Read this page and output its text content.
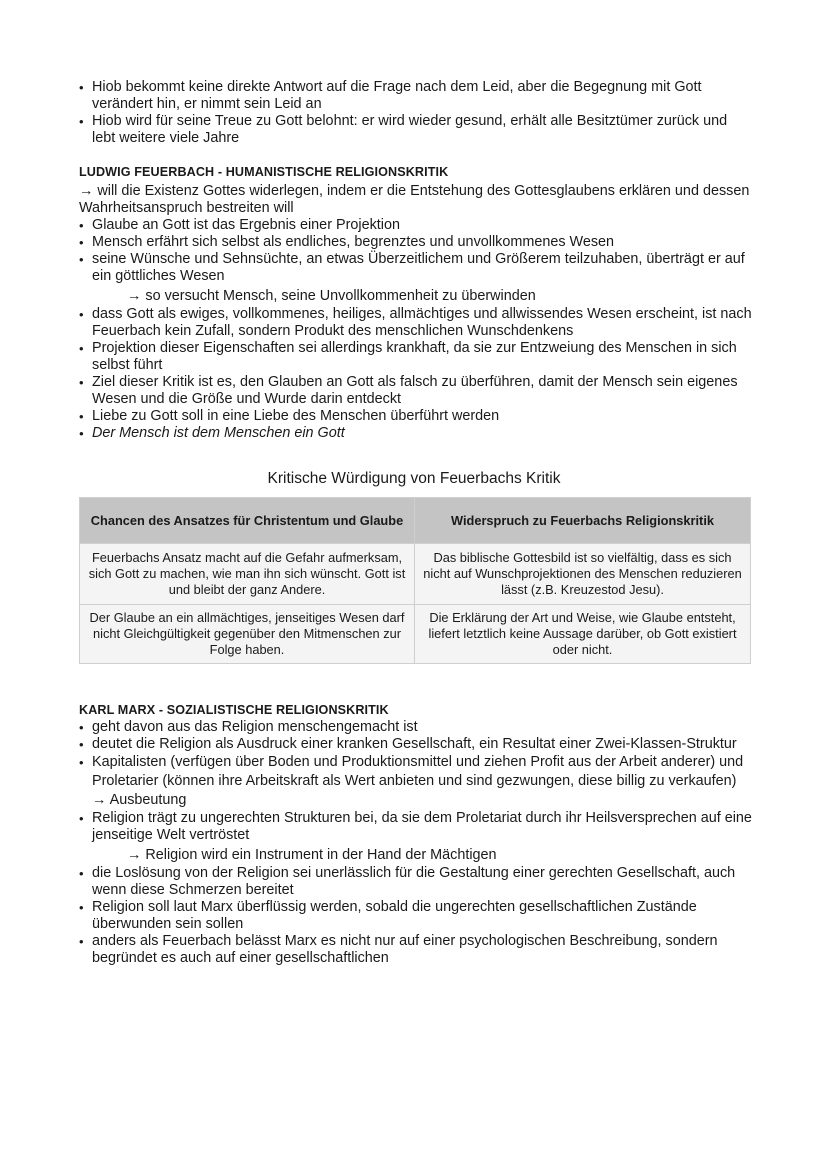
• Hiob bekommt keine direkte Antwort auf die Frage nach dem Leid, aber die Begegnung mit Gott verändert hin, er nimmt sein Leid an
• Hiob wird für seine Treue zu Gott belohnt: er wird wieder gesund, erhält alle Besitztümer zurück und lebt weitere viele Jahre
LUDWIG FEUERBACH - HUMANISTISCHE RELIGIONSKRITIK

→ will die Existenz Gottes widerlegen, indem er die Entstehung des Gottesglaubens erklären und dessen Wahrheitsanspruch bestreiten will

• Glaube an Gott ist das Ergebnis einer Projektion
• Mensch erfährt sich selbst als endliches, begrenztes und unvollkommenes Wesen
• seine Wünsche und Sehnsüchte, an etwas Überzeitlichem und Größerem teilzuhaben, überträgt er auf ein göttliches Wesen
→ so versucht Mensch, seine Unvollkommenheit zu überwinden
• dass Gott als ewiges, vollkommenes, heiliges, allmächtiges und allwissendes Wesen erscheint, ist nach Feuerbach kein Zufall, sondern Produkt des menschlichen Wunschdenkens
• Projektion dieser Eigenschaften sei allerdings krankhaft, da sie zur Entzweiung des Menschen in sich selbst führt
• Ziel dieser Kritik ist es, den Glauben an Gott als falsch zu überführen, damit der Mensch sein eigenes Wesen und die Größe und Wurde darin entdeckt
• Liebe zu Gott soll in eine Liebe des Menschen überführt werden
• Der Mensch ist dem Menschen ein Gott
Kritische Würdigung von Feuerbachs Kritik
Chancen des Ansatzes für Christentum und Glaube	Widerspruch zu Feuerbachs Religionskritik
Feuerbachs Ansatz macht auf die Gefahr aufmerksam, sich Gott zu machen, wie man ihn sich wünscht. Gott ist und bleibt der ganz Andere.	Das biblische Gottesbild ist so vielfältig, dass es sich nicht auf Wunschprojektionen des Menschen reduzieren lässt (z.B. Kreuzestod Jesu).
Der Glaube an ein allmächtiges, jenseitiges Wesen darf nicht Gleichgültigkeit gegenüber den Mitmenschen zur Folge haben.	Die Erklärung der Art und Weise, wie Glaube entsteht, liefert letztlich keine Aussage darüber, ob Gott existiert oder nicht.
KARL MARX - SOZIALISTISCHE RELIGIONSKRITIK
• geht davon aus das Religion menschengemacht ist
• deutet die Religion als Ausdruck einer kranken Gesellschaft, ein Resultat einer Zwei-Klassen-Struktur
• Kapitalisten (verfügen über Boden und Produktionsmittel und ziehen Profit aus der Arbeit anderer) und Proletarier (können ihre Arbeitskraft als Wert anbieten und sind gezwungen, diese billig zu verkaufen) → Ausbeutung
• Religion trägt zu ungerechten Strukturen bei, da sie dem Proletariat durch ihr Heilsversprechen auf eine jenseitige Welt vertröstet
→ Religion wird ein Instrument in der Hand der Mächtigen
• die Loslösung von der Religion sei unerlässlich für die Gestaltung einer gerechten Gesellschaft, auch wenn diese Schmerzen bereitet
• Religion soll laut Marx überflüssig werden, sobald die ungerechten gesellschaftlichen Zustände überwunden sein sollen
• anders als Feuerbach belässt Marx es nicht nur auf einer psychologischen Beschreibung, sondern begründet es auch auf einer gesellschaftlichen
